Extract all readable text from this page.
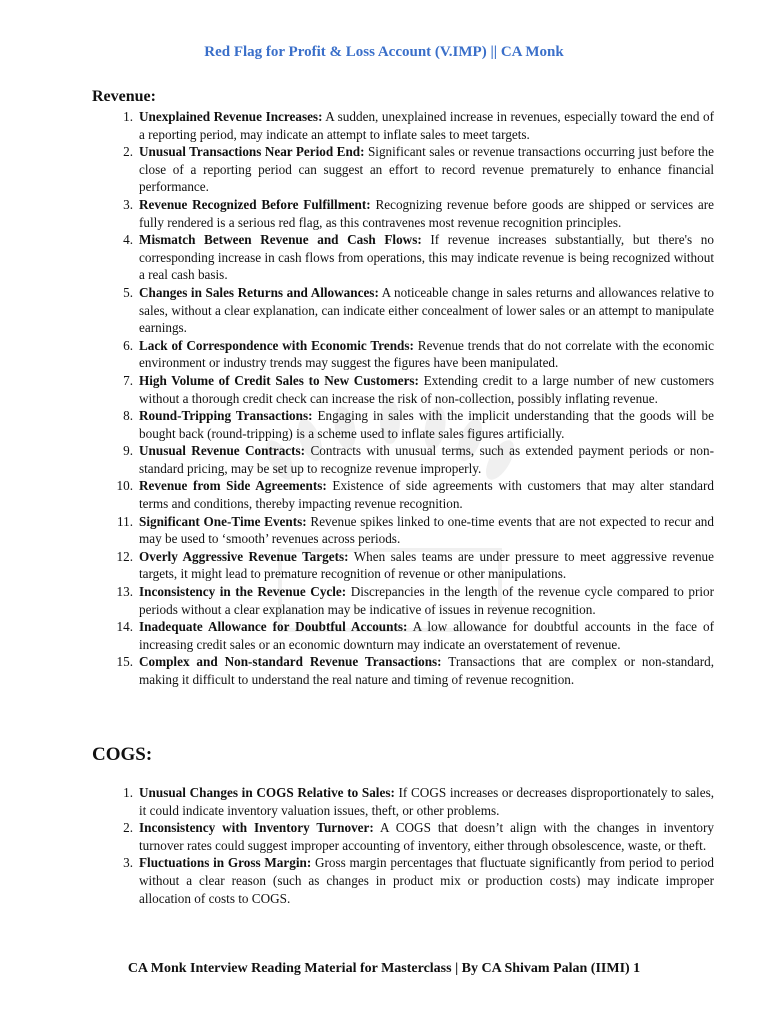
Red Flag for Profit & Loss Account (V.IMP) || CA Monk
Revenue:
1. Unexplained Revenue Increases: A sudden, unexplained increase in revenues, especially toward the end of a reporting period, may indicate an attempt to inflate sales to meet targets.
2. Unusual Transactions Near Period End: Significant sales or revenue transactions occurring just before the close of a reporting period can suggest an effort to record revenue prematurely to enhance financial performance.
3. Revenue Recognized Before Fulfillment: Recognizing revenue before goods are shipped or services are fully rendered is a serious red flag, as this contravenes most revenue recognition principles.
4. Mismatch Between Revenue and Cash Flows: If revenue increases substantially, but there's no corresponding increase in cash flows from operations, this may indicate revenue is being recognized without a real cash basis.
5. Changes in Sales Returns and Allowances: A noticeable change in sales returns and allowances relative to sales, without a clear explanation, can indicate either concealment of lower sales or an attempt to manipulate earnings.
6. Lack of Correspondence with Economic Trends: Revenue trends that do not correlate with the economic environment or industry trends may suggest the figures have been manipulated.
7. High Volume of Credit Sales to New Customers: Extending credit to a large number of new customers without a thorough credit check can increase the risk of non-collection, possibly inflating revenue.
8. Round-Tripping Transactions: Engaging in sales with the implicit understanding that the goods will be bought back (round-tripping) is a scheme used to inflate sales figures artificially.
9. Unusual Revenue Contracts: Contracts with unusual terms, such as extended payment periods or non-standard pricing, may be set up to recognize revenue improperly.
10. Revenue from Side Agreements: Existence of side agreements with customers that may alter standard terms and conditions, thereby impacting revenue recognition.
11. Significant One-Time Events: Revenue spikes linked to one-time events that are not expected to recur and may be used to ‘smooth’ revenues across periods.
12. Overly Aggressive Revenue Targets: When sales teams are under pressure to meet aggressive revenue targets, it might lead to premature recognition of revenue or other manipulations.
13. Inconsistency in the Revenue Cycle: Discrepancies in the length of the revenue cycle compared to prior periods without a clear explanation may be indicative of issues in revenue recognition.
14. Inadequate Allowance for Doubtful Accounts: A low allowance for doubtful accounts in the face of increasing credit sales or an economic downturn may indicate an overstatement of revenue.
15. Complex and Non-standard Revenue Transactions: Transactions that are complex or non-standard, making it difficult to understand the real nature and timing of revenue recognition.
COGS:
1. Unusual Changes in COGS Relative to Sales: If COGS increases or decreases disproportionately to sales, it could indicate inventory valuation issues, theft, or other problems.
2. Inconsistency with Inventory Turnover: A COGS that doesn’t align with the changes in inventory turnover rates could suggest improper accounting of inventory, either through obsolescence, waste, or theft.
3. Fluctuations in Gross Margin: Gross margin percentages that fluctuate significantly from period to period without a clear reason (such as changes in product mix or production costs) may indicate improper allocation of costs to COGS.
CA Monk Interview Reading Material for Masterclass | By CA Shivam Palan (IIMI) 1
